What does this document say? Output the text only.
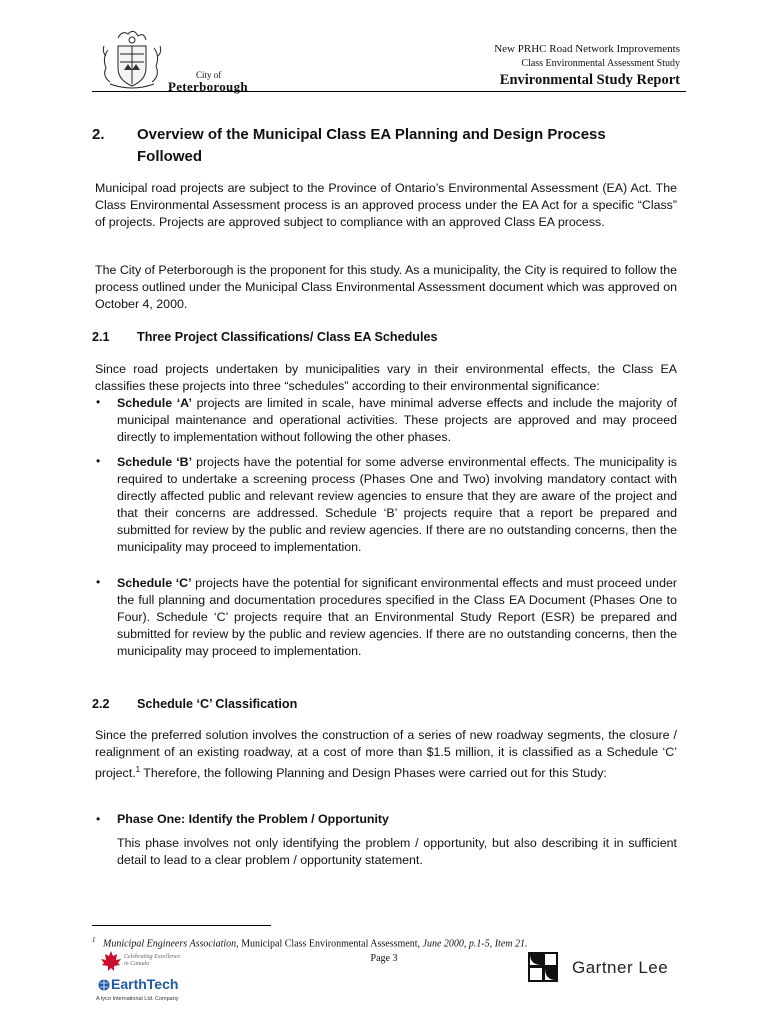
City of
Peterborough
New PRHC Road Network Improvements
Class Environmental Assessment Study
Environmental Study Report
2. Overview of the Municipal Class EA Planning and Design Process Followed

Municipal road projects are subject to the Province of Ontario’s Environmental Assessment (EA) Act. The Class Environmental Assessment process is an approved process under the EA Act for a specific “Class” of projects. Projects are approved subject to compliance with an approved Class EA process.

The City of Peterborough is the proponent for this study. As a municipality, the City is required to follow the process outlined under the Municipal Class Environmental Assessment document which was approved on October 4, 2000.

2.1 Three Project Classifications/ Class EA Schedules

Since road projects undertaken by municipalities vary in their environmental effects, the Class EA classifies these projects into three “schedules” according to their environmental significance:

• Schedule ‘A’ projects are limited in scale, have minimal adverse effects and include the majority of municipal maintenance and operational activities. These projects are approved and may proceed directly to implementation without following the other phases.

• Schedule ‘B’ projects have the potential for some adverse environmental effects. The municipality is required to undertake a screening process (Phases One and Two) involving mandatory contact with directly affected public and relevant review agencies to ensure that they are aware of the project and that their concerns are addressed. Schedule ‘B’ projects require that a report be prepared and submitted for review by the public and review agencies. If there are no outstanding concerns, then the municipality may proceed to implementation.

• Schedule ‘C’ projects have the potential for significant environmental effects and must proceed under the full planning and documentation procedures specified in the Class EA Document (Phases One to Four). Schedule ‘C’ projects require that an Environmental Study Report (ESR) be prepared and submitted for review by the public and review agencies. If there are no outstanding concerns, then the municipality may proceed to implementation.

2.2 Schedule ‘C’ Classification

Since the preferred solution involves the construction of a series of new roadway segments, the closure / realignment of an existing roadway, at a cost of more than $1.5 million, it is classified as a Schedule ‘C’ project.$^1$ Therefore, the following Planning and Design Phases were carried out for this Study:

• Phase One: Identify the Problem / Opportunity

This phase involves not only identifying the problem / opportunity, but also describing it in sufficient detail to lead to a clear problem / opportunity statement.

$^1$ Municipal Engineers Association, Municipal Class Environmental Assessment, June 2000, p.1-5, Item 21.
Page 3
Celebrating Excellence in Canada
EarthTech
A tyco International Ltd. Company
Gartner Lee
